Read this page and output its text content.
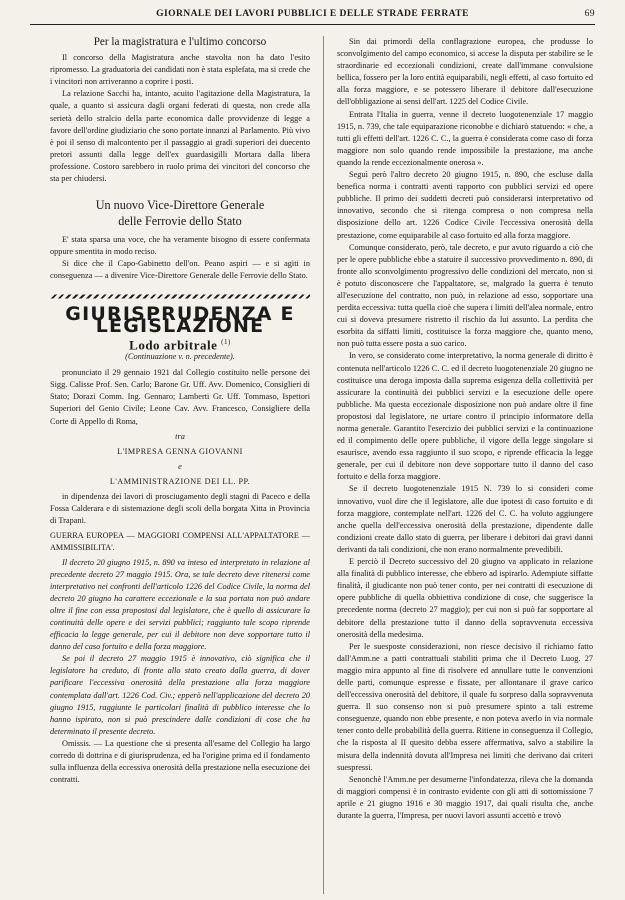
GIORNALE DEI LAVORI PUBBLICI E DELLE STRADE FERRATE	69
Per la magistratura e l'ultimo concorso

Il concorso della Magistratura anche stavolta non ha dato l'esito ripromesso. La graduatoria dei candidati non è stata esplefata, ma si crede che i vincitori non arriveranno a coprire i posti.

La relazione Sacchi ha, intanto, acuito l'agitazione della Magistratura, la quale, a quanto si assicura dagli organi federati di questa, non crede alla serietà dello stralcio della parte economica dalle provvidenze di legge a favore dell'ordine giudiziario che sono portate innanzi al Parlamento. Più vivo è poi il senso di malcontento per il passaggio ai gradi superiori dei duecento pretori assunti dalla legge dell'ex guardasigilli Mortara dalla libera professione. Costoro sarebbero in ruolo prima dei vincitori del concorso che sta per chiudersi.

Un nuovo Vice-Direttore Generale
delle Ferrovie dello Stato

E' stata sparsa una voce, che ha veramente bisogno di essere confermata oppure smentita in modo reciso.

Si dice che il Capo-Gabinetto dell'on. Peano aspiri — e si agiti in conseguenza — a divenire Vice-Direttore Generale delle Ferrovie dello Stato.

GIURISPRUDENZA E LEGISLAZIONE
Lodo arbitrale $^{(1)}$
(Continuazione v. n. precedente).

pronunciato il 29 gennaio 1921 dal Collegio costituito nelle persone dei Sigg. Calisse Prof. Sen. Carlo; Barone Gr. Uff. Avv. Domenico, Consiglieri di Stato; Dorazi Comm. Ing. Gennaro; Lamberti Gr. Uff. Tommaso, Ispettori Superiori del Genio Civile; Leone Cav. Avv. Francesco, Consigliere della Corte di Appello di Roma,

tra
L'IMPRESA GENNA GIOVANNI
e
L'AMMINISTRAZIONE DEI LL. PP.

in dipendenza dei lavori di prosciugamento degli stagni di Paceco e della Fossa Calderara e di sistemazione degli scoli della borgata Xitta in Provincia di Trapani.

GUERRA EUROPEA — MAGGIORI COMPENSI ALL'APPALTATORE — AMMISSIBILITA'.

Il decreto 20 giugno 1915, n. 890 va inteso ed interpretato in relazione al precedente decreto 27 maggio 1915. Ora, se tale decreto deve ritenersi come interpretativo nei confronti dell'articolo 1226 del Codice Civile, la norma del decreto 20 giugno ha carattere eccezionale e la sua portata non può andare oltre il fine con essa propostosi dal legislatore, che è quello di assicurare la continuità delle opere e dei servizi pubblici; raggiunto tale scopo riprende efficacia la legge generale, per cui il debitore non deve sopportare tutto il danno del caso fortuito e della forza maggiore.

Se poi il decreto 27 maggio 1915 è innovativo, ciò significa che il legislatore ha creduto, di fronte allo stato creato dalla guerra, di dover parificare l'eccessiva onerosità della prestazione alla forza maggiore contemplata dall'art. 1226 Cod. Civ.; epperò nell'applicazione del decreto 20 giugno 1915, raggiunte le particolari finalità di pubblico interesse che lo hanno ispirato, non si può prescindere dalle condizioni di cose che ha determinato il presente decreto.

Omissis. — La questione che si presenta all'esame del Collegio ha largo corredo di dottrina e di giurisprudenza, ed ha l'origine prima ed il fondamento sulla influenza della eccessiva onerosità della prestazione nella esecuzione dei contratti.

Sin dai primordi della conflagrazione europea, che produsse lo sconvolgimento del campo economico, si accese la disputa per stabilire se le straordinarie ed eccezionali condizioni, create dall'immane convulsione bellica, fossero per la loro entità equiparabili, negli effetti, al caso fortuito ed alla forza maggiore, e se potessero liberare il debitore dall'esecuzione dell'obbligazione ai sensi dell'art. 1225 del Codice Civile.

Entrata l'Italia in guerra, venne il decreto luogotenenziale 17 maggio 1915, n. 739, che tale equiparazione riconobbe e dichiarò statuendo: « che, a tutti gli effetti dell'art. 1226 C. C., la guerra è considerata come caso di forza maggiore non solo quando rende impossibile la prestazione, ma anche quando la rende eccezionalmente onerosa ».

Seguì però l'altro decreto 20 giugno 1915, n. 890, che escluse dalla benefica norma i contratti aventi rapporto con pubblici servizi ed opere pubbliche. Il primo dei suddetti decreti può considerarsi interpretativo od innovativo, secondo che si ritenga compresa o non compresa nella disposizione dello art. 1226 Codice Civile l'eccessiva onerosità della prestazione, come equiparabile al caso fortuito ed alla forza maggiore.

Comunque considerato, però, tale decreto, e pur avuto riguardo a ciò che per le opere pubbliche ebbe a statuire il successivo provvedimento n. 890, di fronte allo sconvolgimento progressivo delle condizioni del mercato, non si è potuto disconoscere che l'appaltatore, se, malgrado la guerra è tenuto all'esecuzione del contratto, non può, in relazione ad esso, sopportare una perdita eccessiva: tutta quella cioè che supera i limiti dell'alea normale, entro cui si doveva presumere ristretto il rischio da lui assunto. La perdita che esorbita da siffatti limiti, costituisce la forza maggiore che, quanto meno, non può tutta essere posta a suo carico.

In vero, se considerato come interpretativo, la norma generale di diritto è contenuta nell'articolo 1226 C. C. ed il decreto luogotenenziale 20 giugno ne costituisce una deroga imposta dalla suprema esigenza della collettività per assicurare la continuità dei pubblici servizi e la esecuzione delle opere pubbliche. Ma questa eccezionale disposizione non può andare oltre il fine propostosi dal legislatore, ne urtare contro il principio informatore della norma generale. Garantito l'esercizio dei pubblici servizi e la continuazione ed il compimento delle opere pubbliche, il vigore della legge singolare si esaurisce, avendo essa raggiunto il suo scopo, e riprende efficacia la legge generale, per cui il debitore non deve sopportare tutto il danno del caso fortuito e della forza maggiore.

Se il decreto luogotenenziale 1915 N. 739 lo si consideri come innovativo, vuol dire che il legislatore, alle due ipotesi di caso fortuito e di forza maggiore, contemplate nell'art. 1226 del C. C. ha voluto aggiungere anche quella dell'eccessiva onerosità della prestazione, dipendente dalle condizioni create dallo stato di guerra, per liberare i debitori dai gravi danni derivanti da tali condizioni, che non erano normalmente prevedibili.

E perciò il Decreto successivo del 20 giugno va applicato in relazione alla finalità di pubblico interesse, che ebbero ad ispirarlo. Adempiute siffatte finalità, il giudicante non può tener conto, per nei contratti di esecuzione di opere pubbliche di quella obbiettiva condizione di cose, che suggerisce la precedente norma (decreto 27 maggio); per cui non si può far sopportare al debitore della prestazione tutto il danno della sopravvenuta eccessiva onerosità della medesima.

Per le suesposte considerazioni, non riesce decisivo il richiamo fatto dall'Amm.ne a patti contrattuali stabiliti prima che il Decreto Luog. 27 maggio mira appunto al fine di risolvere ed annullare tutte le convenzioni delle parti, comunque espresse e fissate, per allontanare il grave carico dell'eccessiva onerosità del debitore, il quale fu sorpreso dalla sopravvenuta guerra. Il suo consenso non si può presumere spinto a tali estreme conseguenze, quando non ebbe presente, e non poteva averlo in via normale tener conto delle probabilità della guerra. Ritiene in conseguenza il Collegio, che la risposta al II quesito debba essere affermativa, salvo a stabilire la misura della indennità dovuta all'Impresa nei limiti che derivano dai criteri suespressi.

Senonchè l'Amm.ne per desumerne l'infondatezza, rileva che la domanda di maggiori compensi è in contrasto evidente con gli atti di sottomissione 7 aprile e 21 giugno 1916 e 30 maggio 1917, dai quali risulta che, anche durante la guerra, l'Impresa, per nuovi lavori assunti accettò e trovò
